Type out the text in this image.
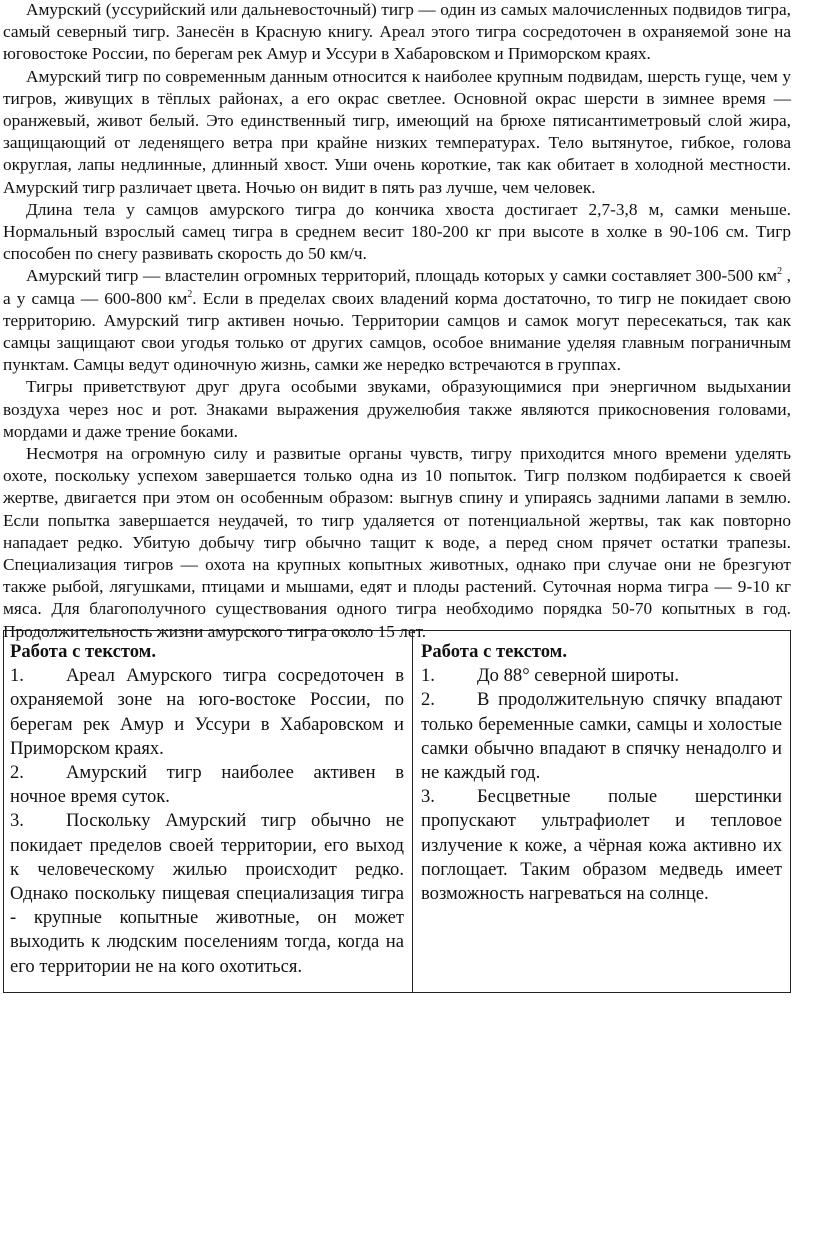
Амурский (уссурийский или дальневосточный) тигр — один из самых малочисленных подвидов тигра, самый северный тигр. Занесён в Красную книгу. Ареал этого тигра сосредоточен в охраняемой зоне на юговостоке России, по берегам рек Амур и Уссури в Хабаровском и Приморском краях.

Амурский тигр по современным данным относится к наиболее крупным подвидам, шерсть гуще, чем у тигров, живущих в тёплых районах, а его окрас светлее. Основной окрас шерсти в зимнее время — оранжевый, живот белый. Это единственный тигр, имеющий на брюхе пятисантиметровый слой жира, защищающий от леденящего ветра при крайне низких температурах. Тело вытянутое, гибкое, голова округлая, лапы недлинные, длинный хвост. Уши очень короткие, так как обитает в холодной местности. Амурский тигр различает цвета. Ночью он видит в пять раз лучше, чем человек.

Длина тела у самцов амурского тигра до кончика хвоста достигает 2,7-3,8 м, самки меньше. Нормальный взрослый самец тигра в среднем весит 180-200 кг при высоте в холке в 90-106 см. Тигр способен по снегу развивать скорость до 50 км/ч.

Амурский тигр — властелин огромных территорий, площадь которых у самки составляет 300-500 $км^2$ , а у самца — 600-800 $км^2$. Если в пределах своих владений корма достаточно, то тигр не покидает свою территорию. Амурский тигр активен ночью. Территории самцов и самок могут пересекаться, так как самцы защищают свои угодья только от других самцов, особое внимание уделяя главным пограничным пунктам. Самцы ведут одиночную жизнь, самки же нередко встречаются в группах.

Тигры приветствуют друг друга особыми звуками, образующимися при энергичном выдыхании воздуха через нос и рот. Знаками выражения дружелюбия также являются прикосновения головами, мордами и даже трение боками.

Несмотря на огромную силу и развитые органы чувств, тигру приходится много времени уделять охоте, поскольку успехом завершается только одна из 10 попыток. Тигр ползком подбирается к своей жертве, двигается при этом он особенным образом: выгнув спину и упираясь задними лапами в землю. Если попытка завершается неудачей, то тигр удаляется от потенциальной жертвы, так как повторно нападает редко. Убитую добычу тигр обычно тащит к воде, а перед сном прячет остатки трапезы. Специализация тигров — охота на крупных копытных животных, однако при случае они не брезгуют также рыбой, лягушками, птицами и мышами, едят и плоды растений. Суточная норма тигра — 9-10 кг мяса. Для благополучного существования одного тигра необходимо порядка 50-70 копытных в год. Продолжительность жизни амурского тигра около 15 лет.

Работа с текстом.

1. Ареал Амурского тигра сосредоточен в охраняемой зоне на юго-востоке России, по берегам рек Амур и Уссури в Хабаровском и Приморском краях.
2. Амурский тигр наиболее активен в ночное время суток.
3. Поскольку Амурский тигр обычно не покидает пределов своей территории, его выход к человеческому жилью происходит редко. Однако поскольку пищевая специализация тигра - крупные копытные животные, он может выходить к людским поселениям тогда, когда на его территории не на кого охотиться.

Работа с текстом.

1. До 88° северной широты.
2. В продолжительную спячку впадают только беременные самки, самцы и холостые самки обычно впадают в спячку ненадолго и не каждый год.
3. Бесцветные полые шерстинки пропускают ультрафиолет и тепловое излучение к коже, а чёрная кожа активно их поглощает. Таким образом медведь имеет возможность нагреваться на солнце.
